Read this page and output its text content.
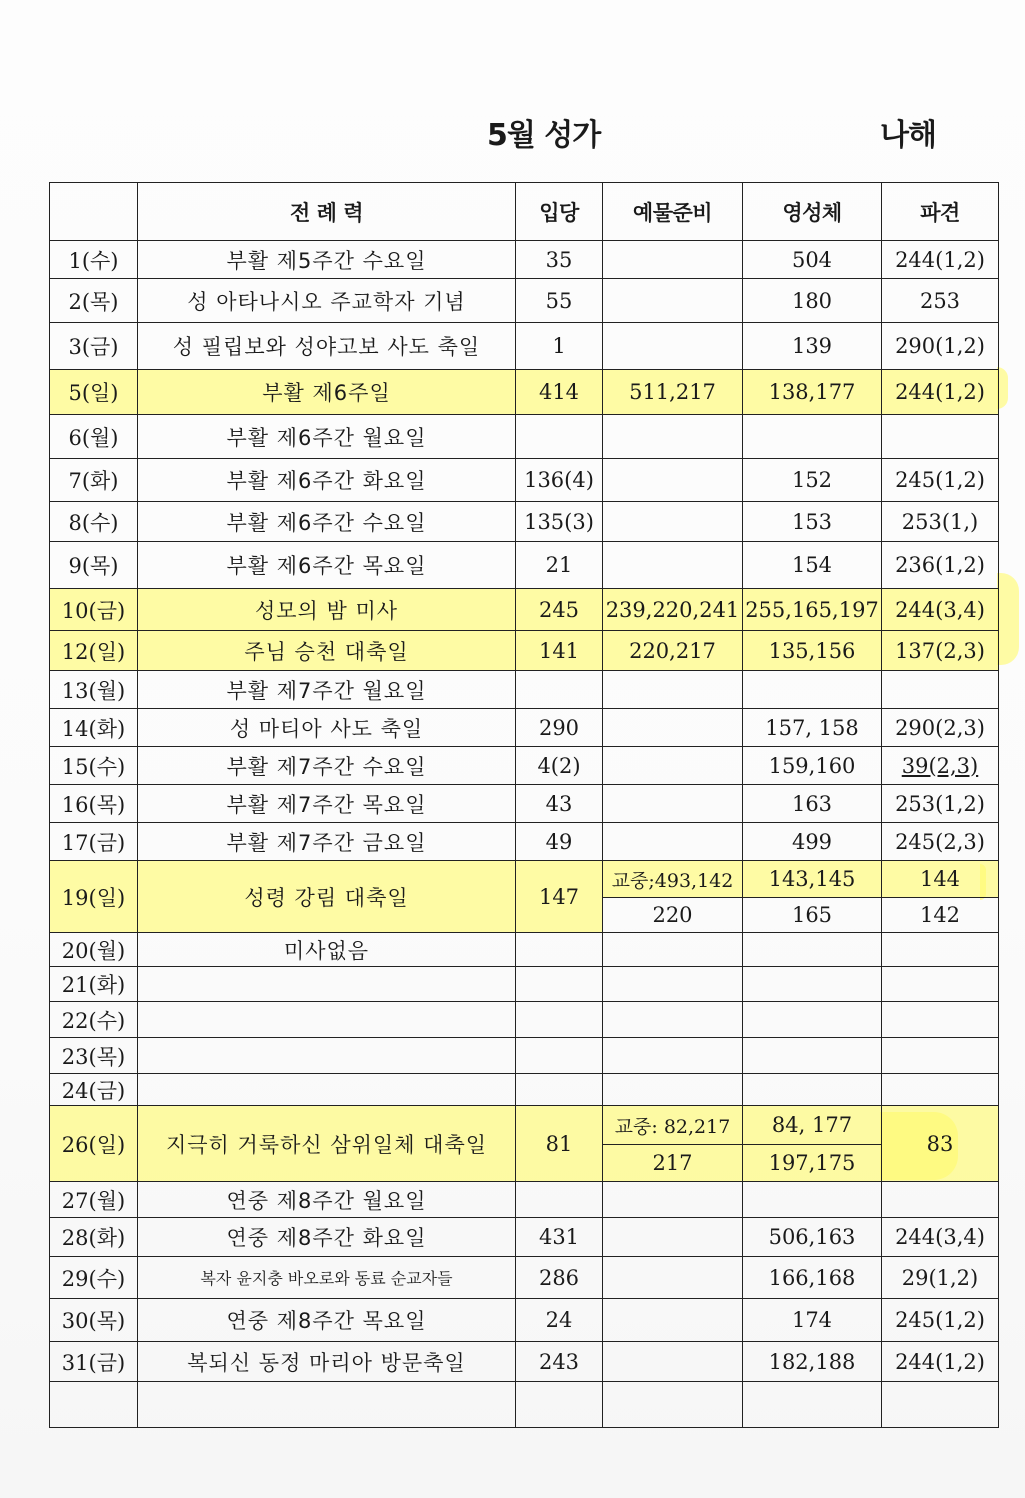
5월 성가	나해
	전 례 력	입당	예물준비	영성체	파견
1(수)	부활 제5주간 수요일	35		504	244(1,2)
2(목)	성 아타나시오 주교학자 기념	55		180	253
3(금)	성 필립보와 성야고보 사도 축일	1		139	290(1,2)
5(일)	부활 제6주일	414	511,217	138,177	244(1,2)
6(월)	부활 제6주간 월요일				
7(화)	부활 제6주간 화요일	136(4)		152	245(1,2)
8(수)	부활 제6주간 수요일	135(3)		153	253(1,)
9(목)	부활 제6주간 목요일	21		154	236(1,2)
10(금)	성모의 밤 미사	245	239,220,241	255,165,197	244(3,4)
12(일)	주님 승천 대축일	141	220,217	135,156	137(2,3)
13(월)	부활 제7주간 월요일				
14(화)	성 마티아 사도 축일	290		157, 158	290(2,3)
15(수)	부활 제7주간 수요일	4(2)		159,160	39(2,3)
16(목)	부활 제7주간 목요일	43		163	253(1,2)
17(금)	부활 제7주간 금요일	49		499	245(2,3)
19(일)	성령 강림 대축일	147	교중;493,142	143,145	144
			220	165	142
20(월)	미사없음				
21(화)					
22(수)					
23(목)					
24(금)					
26(일)	지극히 거룩하신 삼위일체 대축일	81	교중: 82,217	84, 177	83
			217	197,175	
27(월)	연중 제8주간 월요일				
28(화)	연중 제8주간 화요일	431		506,163	244(3,4)
29(수)	복자 윤지충 바오로와 동료 순교자들	286		166,168	29(1,2)
30(목)	연중 제8주간 목요일	24		174	245(1,2)
31(금)	복되신 동정 마리아 방문축일	243		182,188	244(1,2)
